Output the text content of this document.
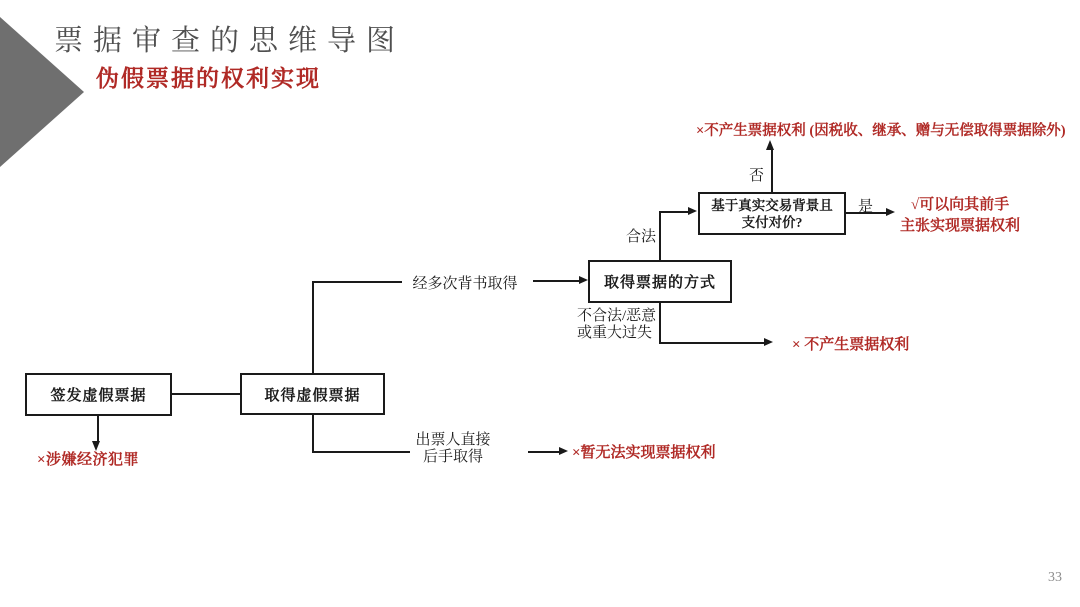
票据审查的思维导图
伪假票据的权利实现
签发虚假票据	取得虚假票据
取得票据的方式
基于真实交易背景且
支付对价?
经多次背书取得
合法
否
是
不合法/恶意
或重大过失
出票人直接
后手取得
×不产生票据权利 (因税收、继承、赠与无偿取得票据除外)
√可以向其前手
主张实现票据权利
× 不产生票据权利
×暂无法实现票据权利
×涉嫌经济犯罪
33
